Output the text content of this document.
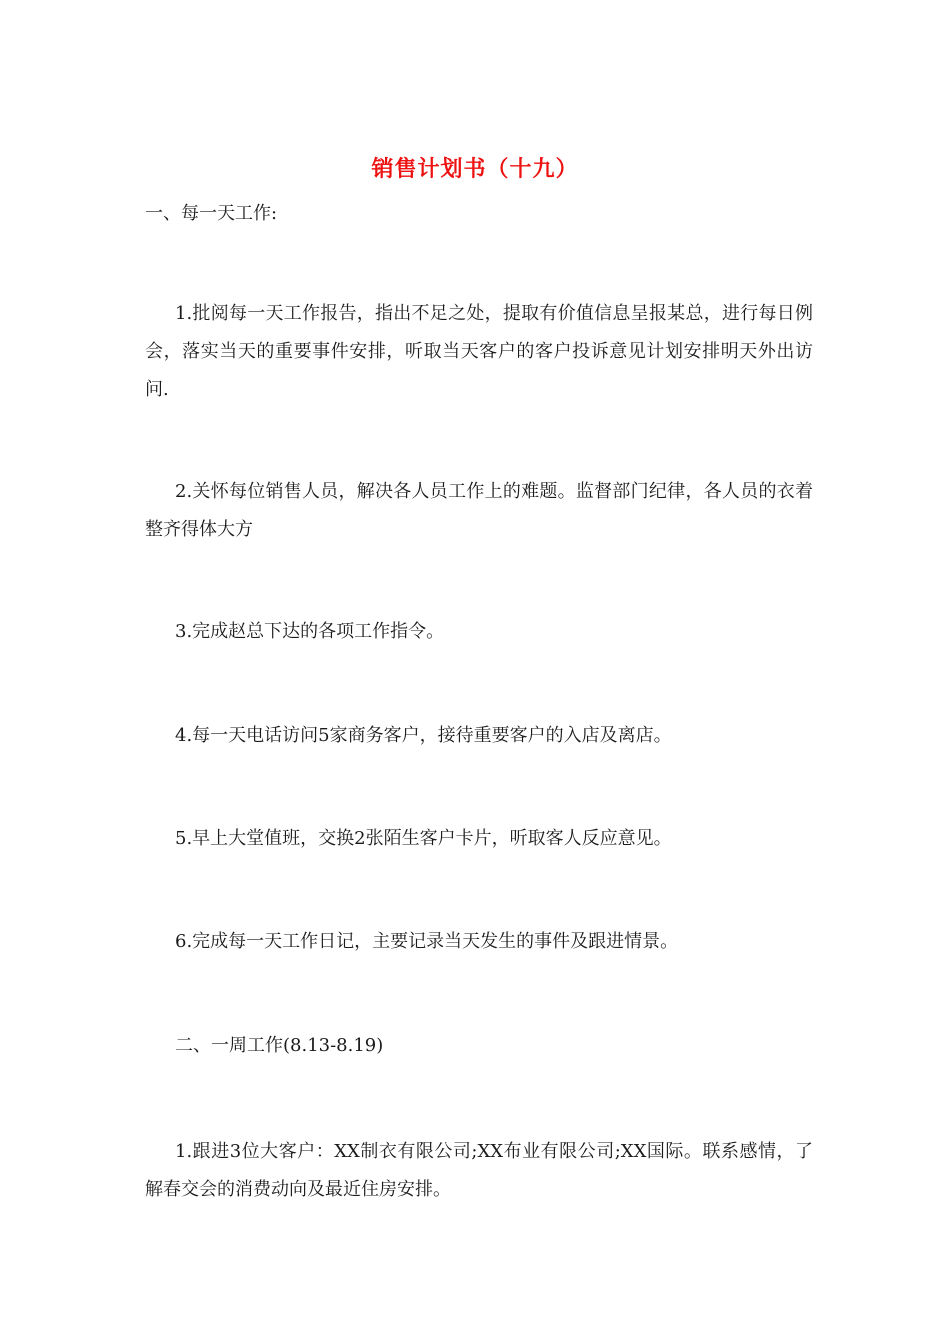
销售计划书（十九）

一、每一天工作:

1.批阅每一天工作报告，指出不足之处，提取有价值信息呈报某总，进行每日例会，落实当天的重要事件安排，听取当天客户的客户投诉意见计划安排明天外出访问.

2.关怀每位销售人员，解决各人员工作上的难题。监督部门纪律，各人员的衣着整齐得体大方

3.完成赵总下达的各项工作指令。

4.每一天电话访问5家商务客户，接待重要客户的入店及离店。

5.早上大堂值班，交换2张陌生客户卡片，听取客人反应意见。

6.完成每一天工作日记，主要记录当天发生的事件及跟进情景。

二、一周工作(8.13-8.19)

1.跟进3位大客户：XX制衣有限公司;XX布业有限公司;XX国际。联系感情，了解春交会的消费动向及最近住房安排。
